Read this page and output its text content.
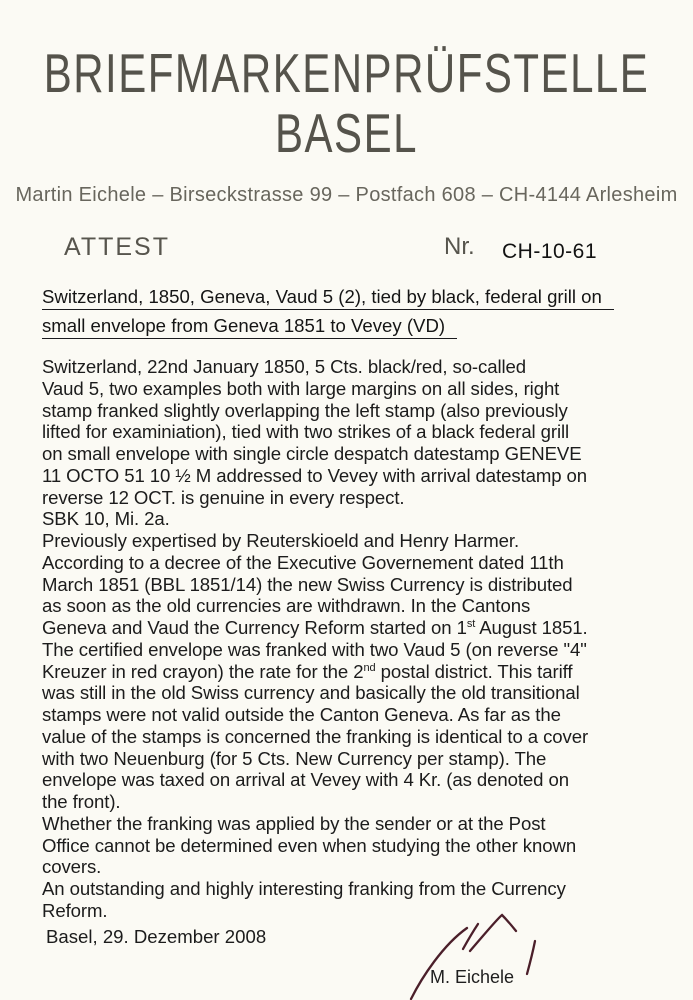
BRIEFMARKENPRÜFSTELLE
BASEL
Martin Eichele – Birseckstrasse 99 – Postfach 608 – CH-4144 Arlesheim
ATTEST	Nr. CH-10-61
Switzerland, 1850, Geneva, Vaud 5 (2), tied by black, federal grill on
small envelope from Geneva 1851 to Vevey (VD)
Switzerland, 22nd January 1850, 5 Cts. black/red, so-called
Vaud 5, two examples both with large margins on all sides, right
stamp franked slightly overlapping the left stamp (also previously
lifted for examiniation), tied with two strikes of a black federal grill
on small envelope with single circle despatch datestamp GENEVE
11 OCTO 51 10 ½ M addressed to Vevey with arrival datestamp on
reverse 12 OCT. is genuine in every respect.
SBK 10, Mi. 2a.
Previously expertised by Reuterskioeld and Henry Harmer.
According to a decree of the Executive Governement dated 11th
March 1851 (BBL 1851/14) the new Swiss Currency is distributed
as soon as the old currencies are withdrawn. In the Cantons
Geneva and Vaud the Currency Reform started on 1st August 1851.
The certified envelope was franked with two Vaud 5 (on reverse "4"
Kreuzer in red crayon) the rate for the 2nd postal district. This tariff
was still in the old Swiss currency and basically the old transitional
stamps were not valid outside the Canton Geneva. As far as the
value of the stamps is concerned the franking is identical to a cover
with two Neuenburg (for 5 Cts. New Currency per stamp). The
envelope was taxed on arrival at Vevey with 4 Kr. (as denoted on
the front).
Whether the franking was applied by the sender or at the Post
Office cannot be determined even when studying the other known
covers.
An outstanding and highly interesting franking from the Currency
Reform.
Basel, 29. Dezember 2008
M. Eichele
